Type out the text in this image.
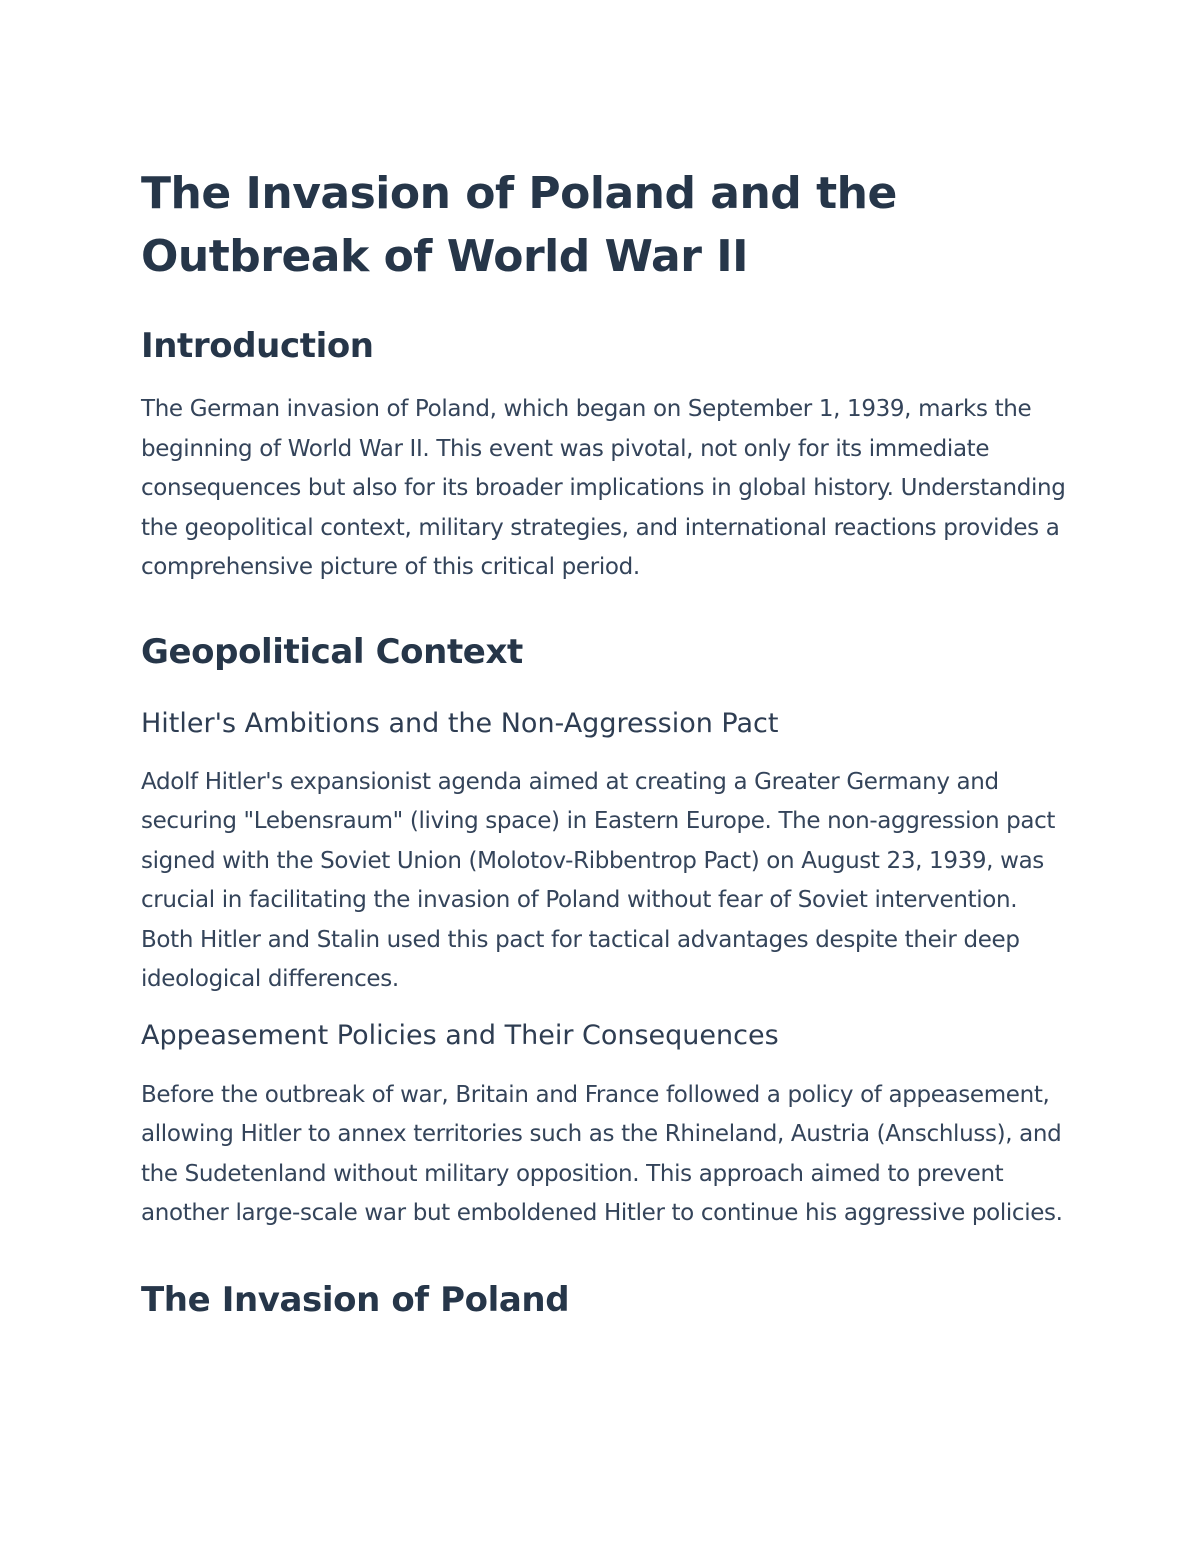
The Invasion of Poland and the Outbreak of World War II
Introduction

The German invasion of Poland, which began on September 1, 1939, marks the beginning of World War II. This event was pivotal, not only for its immediate consequences but also for its broader implications in global history. Understanding the geopolitical context, military strategies, and international reactions provides a comprehensive picture of this critical period.

Geopolitical Context
Hitler's Ambitions and the Non-Aggression Pact

Adolf Hitler's expansionist agenda aimed at creating a Greater Germany and securing "Lebensraum" (living space) in Eastern Europe. The non-aggression pact signed with the Soviet Union (Molotov-Ribbentrop Pact) on August 23, 1939, was crucial in facilitating the invasion of Poland without fear of Soviet intervention. Both Hitler and Stalin used this pact for tactical advantages despite their deep ideological differences.

Appeasement Policies and Their Consequences

Before the outbreak of war, Britain and France followed a policy of appeasement, allowing Hitler to annex territories such as the Rhineland, Austria (Anschluss), and the Sudetenland without military opposition. This approach aimed to prevent another large-scale war but emboldened Hitler to continue his aggressive policies.

The Invasion of Poland
